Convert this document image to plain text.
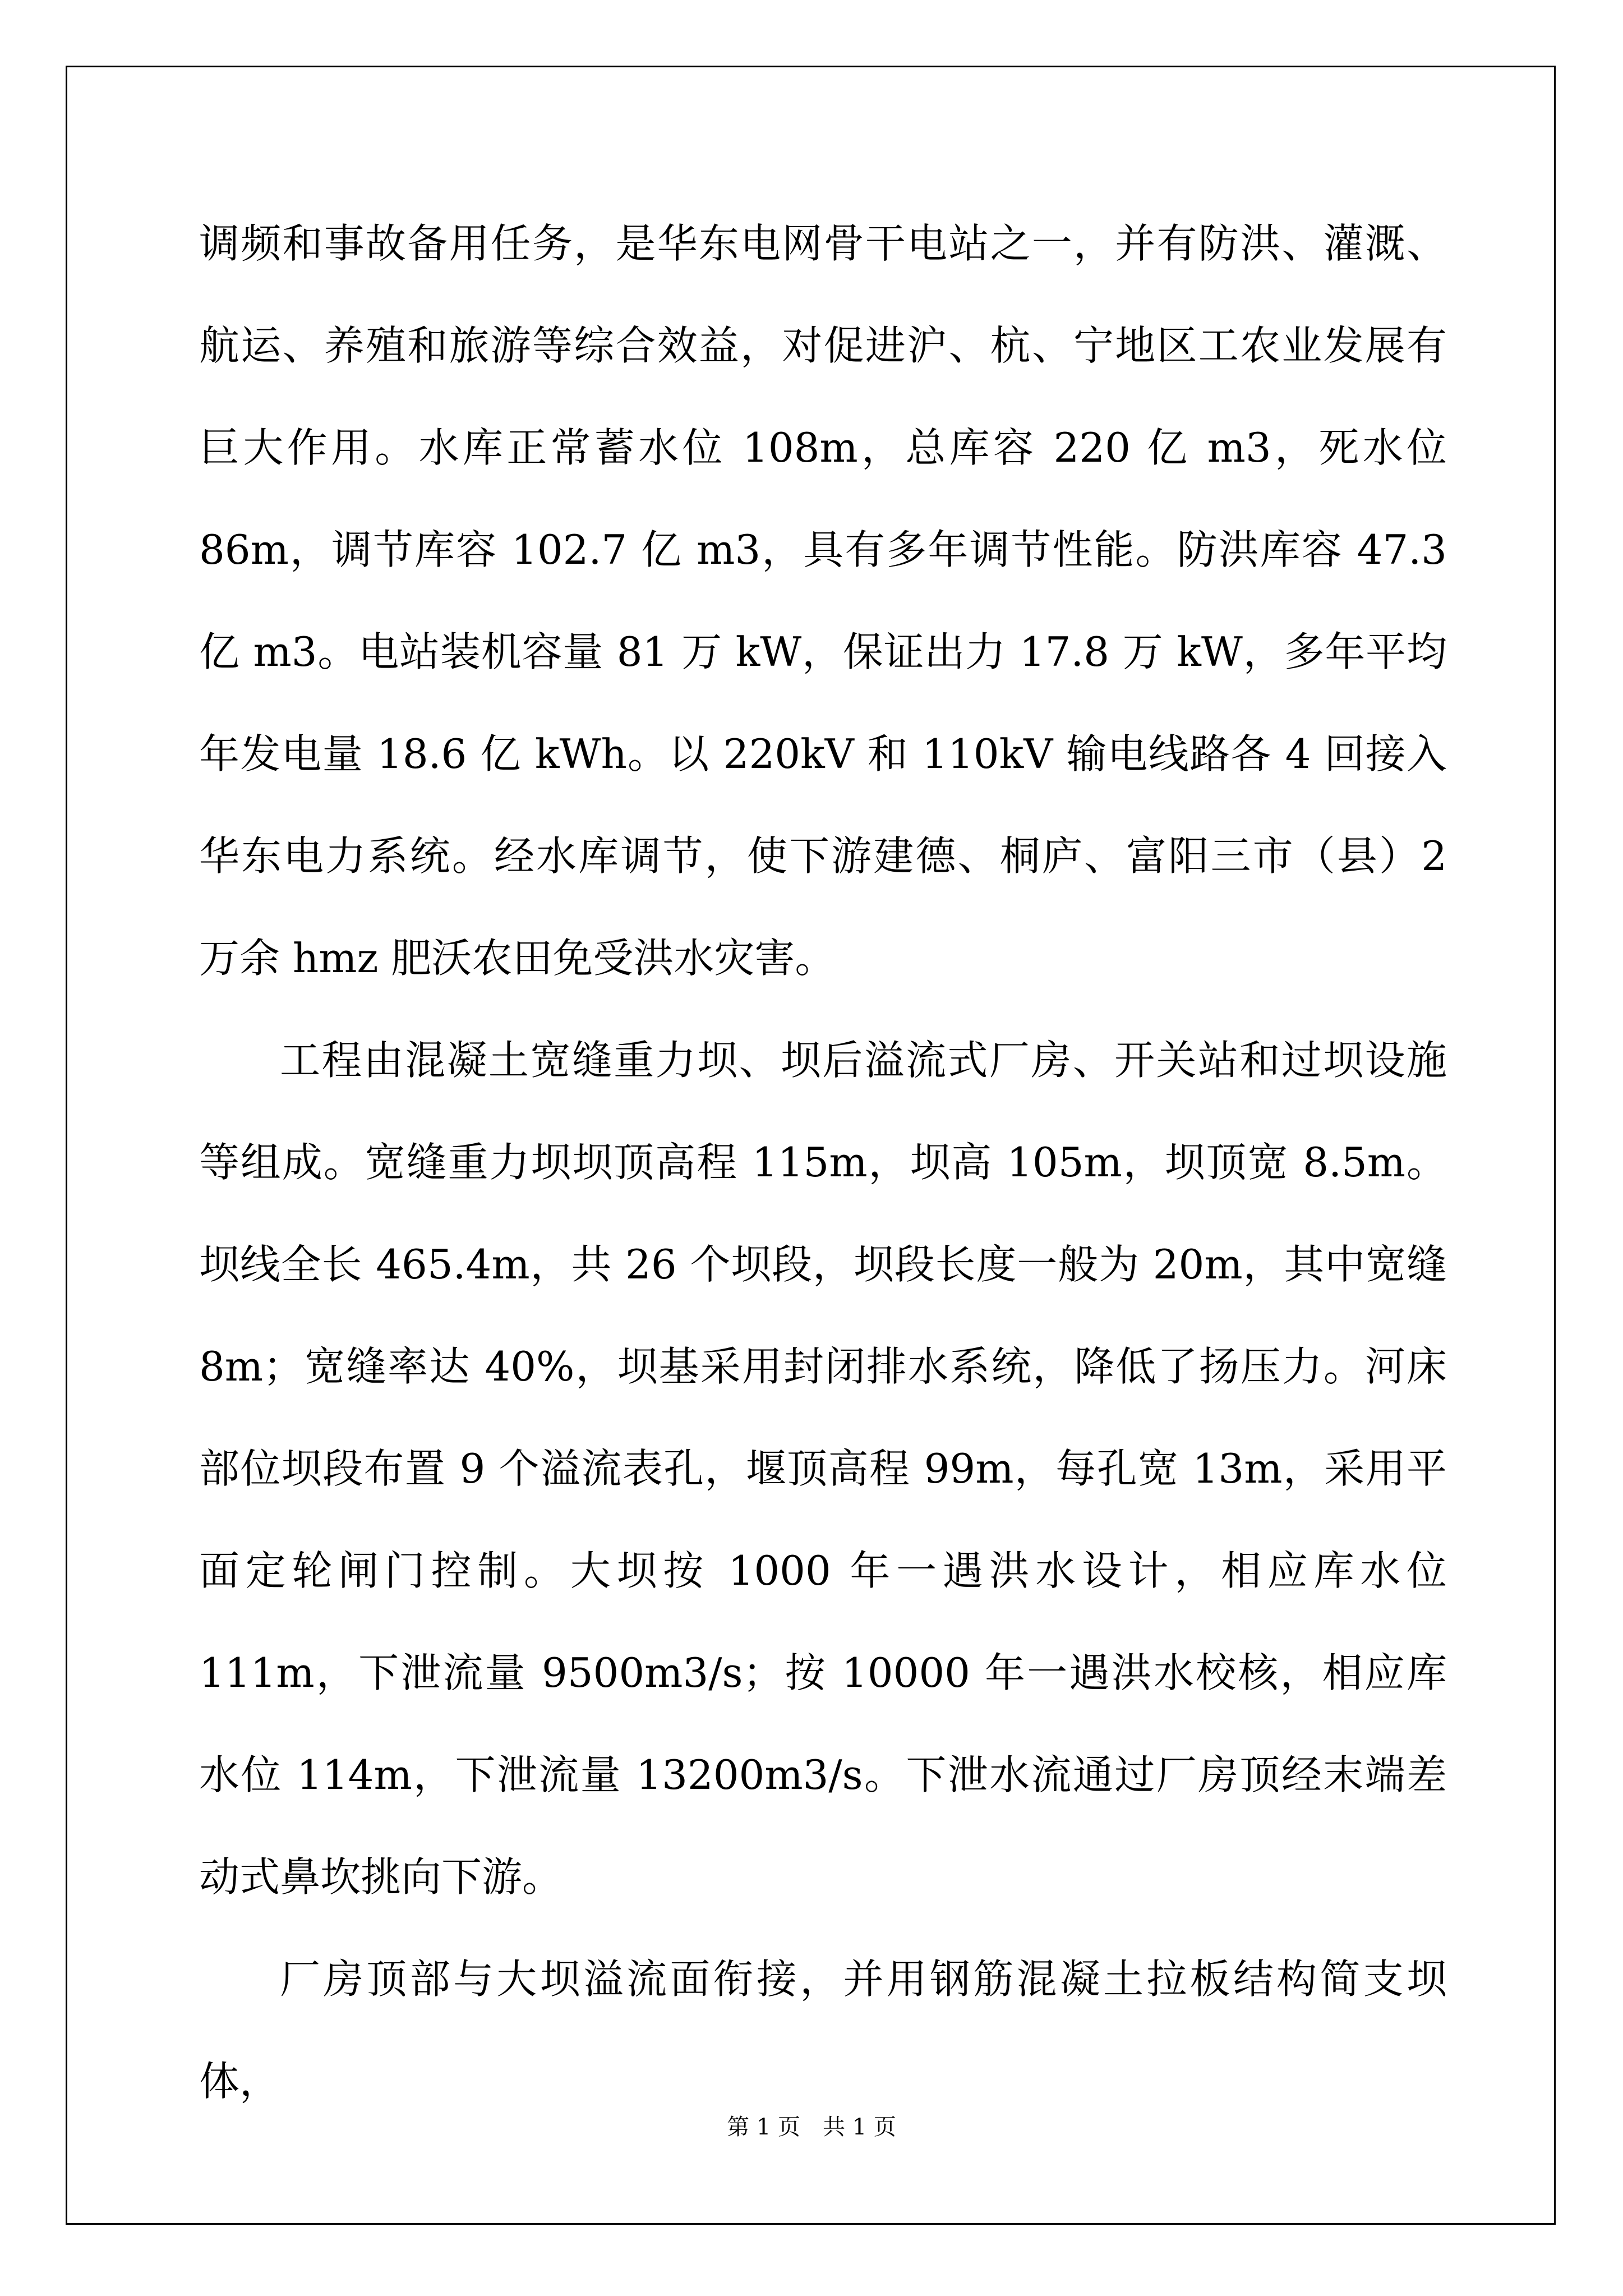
调频和事故备用任务，是华东电网骨干电站之一，并有防洪、灌溉、航运、养殖和旅游等综合效益，对促进沪、杭、宁地区工农业发展有巨大作用。水库正常蓄水位 108m，总库容 220 亿 m3，死水位 86m，调节库容 102.7 亿 m3，具有多年调节性能。防洪库容 47.3 亿 m3。电站装机容量 81 万 kW，保证出力 17.8 万 kW，多年平均年发电量 18.6 亿 kWh。以 220kV 和 110kV 输电线路各 4 回接入华东电力系统。经水库调节，使下游建德、桐庐、富阳三市（县）2 万余 hmz 肥沃农田免受洪水灾害。

工程由混凝土宽缝重力坝、坝后溢流式厂房、开关站和过坝设施等组成。宽缝重力坝坝顶高程 115m，坝高 105m，坝顶宽 8.5m。坝线全长 465.4m，共 26 个坝段，坝段长度一般为 20m，其中宽缝 8m；宽缝率达 40%，坝基采用封闭排水系统，降低了扬压力。河床部位坝段布置 9 个溢流表孔，堰顶高程 99m，每孔宽 13m，采用平面定轮闸门控制。大坝按 1000 年一遇洪水设计，相应库水位 111m，下泄流量 9500m3/s；按 10000 年一遇洪水校核，相应库水位 114m，下泄流量 13200m3/s。下泄水流通过厂房顶经末端差动式鼻坎挑向下游。

厂房顶部与大坝溢流面衔接，并用钢筋混凝土拉板结构简支坝体，

第 1 页　共 1 页
